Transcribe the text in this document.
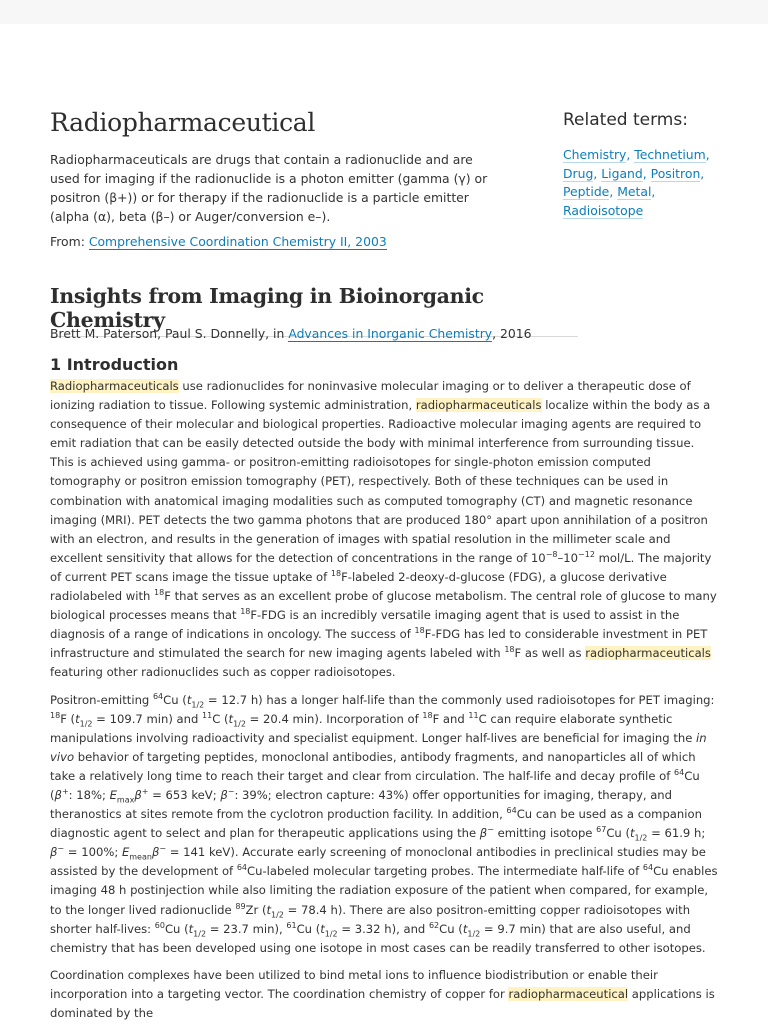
Radiopharmaceutical
Radiopharmaceuticals are drugs that contain a radionuclide and are used for imaging if the radionuclide is a photon emitter (gamma (γ) or positron (β+)) or for therapy if the radionuclide is a particle emitter (alpha (α), beta (β–) or Auger/conversion e–).
From: Comprehensive Coordination Chemistry II, 2003
Related terms:
Chemistry, Technetium, Drug, Ligand, Positron, Peptide, Metal, Radioisotope
Insights from Imaging in Bioinorganic Chemistry
Brett M. Paterson, Paul S. Donnelly, in Advances in Inorganic Chemistry, 2016
1 Introduction

Radiopharmaceuticals use radionuclides for noninvasive molecular imaging or to deliver a therapeutic dose of ionizing radiation to tissue. Following systemic administration, radiopharmaceuticals localize within the body as a consequence of their molecular and biological properties. Radioactive molecular imaging agents are required to emit radiation that can be easily detected outside the body with minimal interference from surrounding tissue. This is achieved using gamma- or positron-emitting radioisotopes for single-photon emission computed tomography or positron emission tomography (PET), respectively. Both of these techniques can be used in combination with anatomical imaging modalities such as computed tomography (CT) and magnetic resonance imaging (MRI). PET detects the two gamma photons that are produced 180° apart upon annihilation of a positron with an electron, and results in the generation of images with spatial resolution in the millimeter scale and excellent sensitivity that allows for the detection of concentrations in the range of $10^{-8}-10^{-12}$ mol/L. The majority of current PET scans image the tissue uptake of $^{18}$F-labeled 2-deoxy-d-glucose (FDG), a glucose derivative radiolabeled with $^{18}$F that serves as an excellent probe of glucose metabolism. The central role of glucose to many biological processes means that $^{18}$F-FDG is an incredibly versatile imaging agent that is used to assist in the diagnosis of a range of indications in oncology. The success of $^{18}$F-FDG has led to considerable investment in PET infrastructure and stimulated the search for new imaging agents labeled with $^{18}$F as well as radiopharmaceuticals featuring other radionuclides such as copper radioisotopes.

Positron-emitting $^{64}$Cu ($t_{1/2} = 12.7$ h) has a longer half-life than the commonly used radioisotopes for PET imaging: $^{18}$F ($t_{1/2} = 109.7$ min) and $^{11}$C ($t_{1/2} = 20.4$ min). Incorporation of $^{18}$F and $^{11}$C can require elaborate synthetic manipulations involving radioactivity and specialist equipment. Longer half-lives are beneficial for imaging the in vivo behavior of targeting peptides, monoclonal antibodies, antibody fragments, and nanoparticles all of which take a relatively long time to reach their target and clear from circulation. The half-life and decay profile of $^{64}$Cu (β+: 18%; $E_{max}\beta^+ = 653$ keV; β−: 39%; electron capture: 43%) offer opportunities for imaging, therapy, and theranostics at sites remote from the cyclotron production facility. In addition, $^{64}$Cu can be used as a companion diagnostic agent to select and plan for therapeutic applications using the β− emitting isotope $^{67}$Cu ($t_{1/2} = 61.9$ h; β− = 100%; $E_{mean}\beta^- = 141$ keV). Accurate early screening of monoclonal antibodies in preclinical studies may be assisted by the development of $^{64}$Cu-labeled molecular targeting probes. The intermediate half-life of $^{64}$Cu enables imaging 48 h postinjection while also limiting the radiation exposure of the patient when compared, for example, to the longer lived radionuclide $^{89}$Zr ($t_{1/2} = 78.4$ h). There are also positron-emitting copper radioisotopes with shorter half-lives: $^{60}$Cu ($t_{1/2} = 23.7$ min), $^{61}$Cu ($t_{1/2} = 3.32$ h), and $^{62}$Cu ($t_{1/2} = 9.7$ min) that are also useful, and chemistry that has been developed using one isotope in most cases can be readily transferred to other isotopes.

Coordination complexes have been utilized to bind metal ions to influence biodistribution or enable their incorporation into a targeting vector. The coordination chemistry of copper for radiopharmaceutical applications is dominated by the
